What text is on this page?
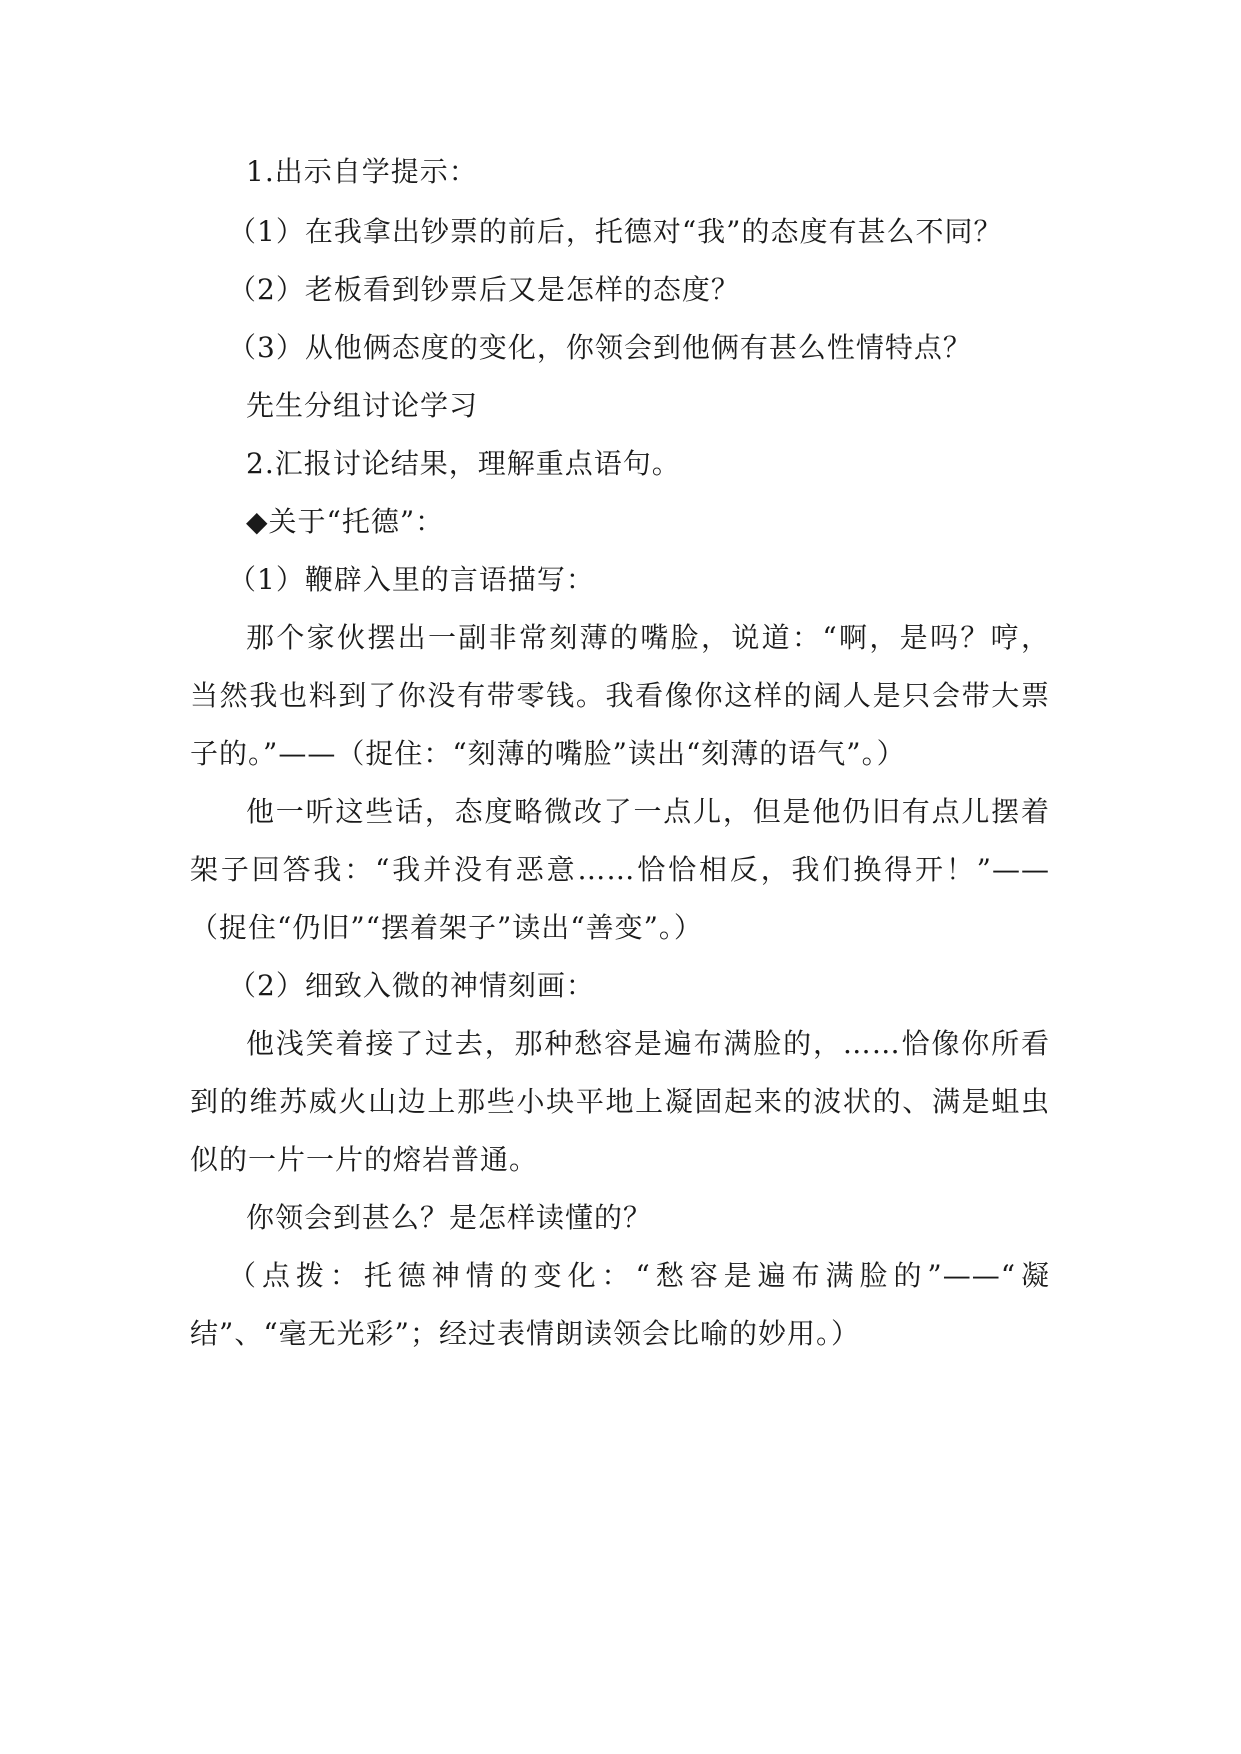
1.出示自学提示：
（1）在我拿出钞票的前后，托德对“我”的态度有甚么不同？
（2）老板看到钞票后又是怎样的态度？
（3）从他俩态度的变化，你领会到他俩有甚么性情特点？
先生分组讨论学习
2.汇报讨论结果，理解重点语句。
◆关于“托德”：
（1）鞭辟入里的言语描写：
那个家伙摆出一副非常刻薄的嘴脸，说道：“啊，是吗？哼，
当然我也料到了你没有带零钱。我看像你这样的阔人是只会带大票
子的。”——（捉住：“刻薄的嘴脸”读出“刻薄的语气”。）
他一听这些话，态度略微改了一点儿，但是他仍旧有点儿摆着
架子回答我：“我并没有恶意……恰恰相反，我们换得开！”——
（捉住“仍旧”“摆着架子”读出“善变”。）
（2）细致入微的神情刻画：
他浅笑着接了过去，那种愁容是遍布满脸的，……恰像你所看
到的维苏威火山边上那些小块平地上凝固起来的波状的、满是蛆虫
似的一片一片的熔岩普通。
你领会到甚么？是怎样读懂的？
（点拨：托德神情的变化：“愁容是遍布满脸的”——“凝
结”、“毫无光彩”；经过表情朗读领会比喻的妙用。）
